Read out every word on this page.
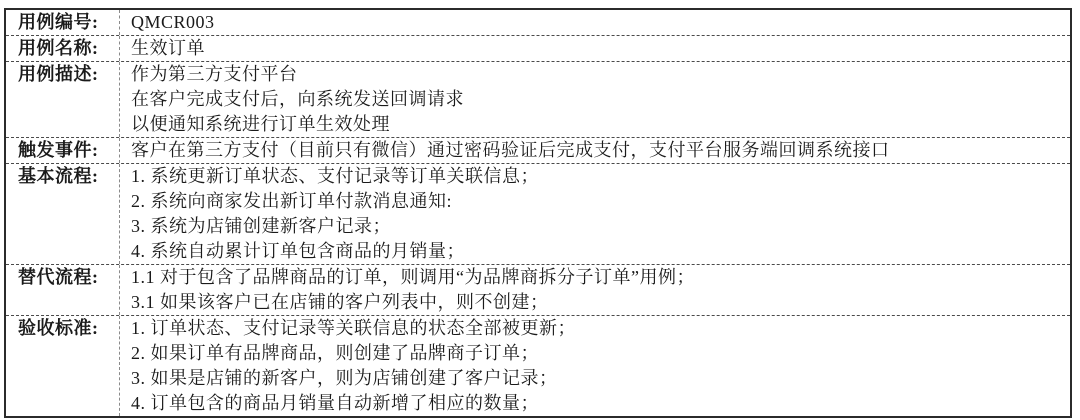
用例编号:	QMCR003
用例名称:	生效订单
用例描述:	作为第三方支付平台
在客户完成支付后，向系统发送回调请求
以便通知系统进行订单生效处理
触发事件:	客户在第三方支付（目前只有微信）通过密码验证后完成支付，支付平台服务端回调系统接口
基本流程:	1. 系统更新订单状态、支付记录等订单关联信息；
2. 系统向商家发出新订单付款消息通知:
3. 系统为店铺创建新客户记录；
4. 系统自动累计订单包含商品的月销量；
替代流程:	1.1 对于包含了品牌商品的订单，则调用“为品牌商拆分子订单”用例；
3.1 如果该客户已在店铺的客户列表中，则不创建；
验收标准:	1. 订单状态、支付记录等关联信息的状态全部被更新；
2. 如果订单有品牌商品，则创建了品牌商子订单；
3. 如果是店铺的新客户，则为店铺创建了客户记录；
4. 订单包含的商品月销量自动新增了相应的数量；
